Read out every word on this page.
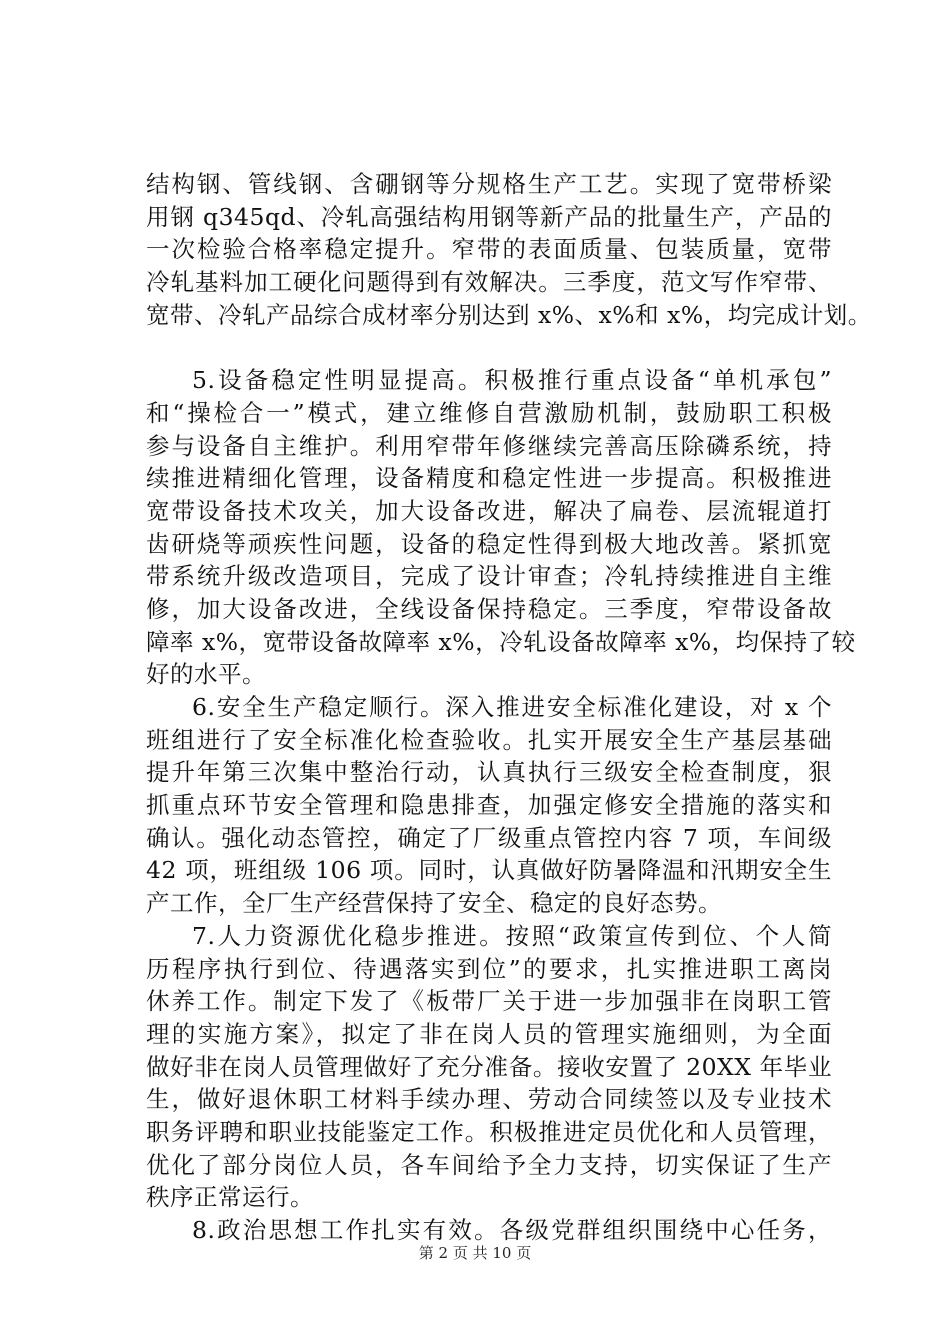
结构钢、管线钢、含硼钢等分规格生产工艺。实现了宽带桥梁
用钢 q345qd、冷轧高强结构用钢等新产品的批量生产，产品的
一次检验合格率稳定提升。窄带的表面质量、包装质量，宽带
冷轧基料加工硬化问题得到有效解决。三季度，范文写作窄带、
宽带、冷轧产品综合成材率分别达到 x%、x%和 x%，均完成计划。
5.设备稳定性明显提高。积极推行重点设备“单机承包”
和“操检合一”模式，建立维修自营激励机制，鼓励职工积极
参与设备自主维护。利用窄带年修继续完善高压除磷系统，持
续推进精细化管理，设备精度和稳定性进一步提高。积极推进
宽带设备技术攻关，加大设备改进，解决了扁卷、层流辊道打
齿研烧等顽疾性问题，设备的稳定性得到极大地改善。紧抓宽
带系统升级改造项目，完成了设计审查；冷轧持续推进自主维
修，加大设备改进，全线设备保持稳定。三季度，窄带设备故
障率 x%，宽带设备故障率 x%，冷轧设备故障率 x%，均保持了较
好的水平。
6.安全生产稳定顺行。深入推进安全标准化建设，对 x 个
班组进行了安全标准化检查验收。扎实开展安全生产基层基础
提升年第三次集中整治行动，认真执行三级安全检查制度，狠
抓重点环节安全管理和隐患排查，加强定修安全措施的落实和
确认。强化动态管控，确定了厂级重点管控内容 7 项，车间级
42 项，班组级 106 项。同时，认真做好防暑降温和汛期安全生
产工作，全厂生产经营保持了安全、稳定的良好态势。
7.人力资源优化稳步推进。按照“政策宣传到位、个人简
历程序执行到位、待遇落实到位”的要求，扎实推进职工离岗
休养工作。制定下发了《板带厂关于进一步加强非在岗职工管
理的实施方案》，拟定了非在岗人员的管理实施细则，为全面
做好非在岗人员管理做好了充分准备。接收安置了 20XX 年毕业
生，做好退休职工材料手续办理、劳动合同续签以及专业技术
职务评聘和职业技能鉴定工作。积极推进定员优化和人员管理，
优化了部分岗位人员，各车间给予全力支持，切实保证了生产
秩序正常运行。
8.政治思想工作扎实有效。各级党群组织围绕中心任务，
第 2 页 共 10 页
